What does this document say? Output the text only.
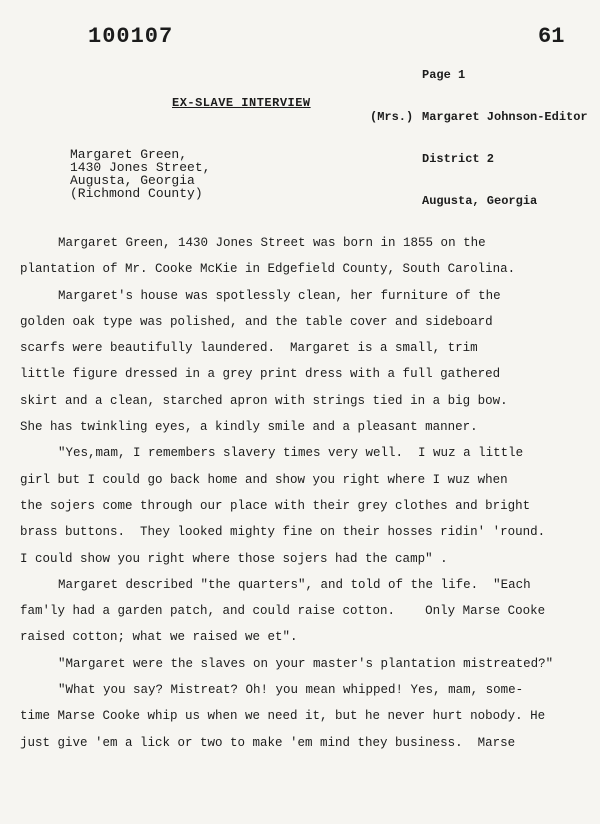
100107	61

Page 1

(Mrs.) Margaret Johnson-Editor

District 2

Augusta, Georgia

EX-SLAVE INTERVIEW
Margaret Green,
1430 Jones Street,
Augusta, Georgia
(Richmond County)
Margaret Green, 1430 Jones Street was born in 1855 on the
plantation of Mr. Cooke McKie in Edgefield County, South Carolina.
Margaret's house was spotlessly clean, her furniture of the
golden oak type was polished, and the table cover and sideboard
scarfs were beautifully laundered.  Margaret is a small, trim
little figure dressed in a grey print dress with a full gathered
skirt and a clean, starched apron with strings tied in a big bow.
She has twinkling eyes, a kindly smile and a pleasant manner.
"Yes,mam, I remembers slavery times very well.  I wuz a little
girl but I could go back home and show you right where I wuz when
the sojers come through our place with their grey clothes and bright
brass buttons.  They looked mighty fine on their hosses ridin' 'round.
I could show you right where those sojers had the camp" .
Margaret described "the quarters", and told of the life.  "Each
fam'ly had a garden patch, and could raise cotton.    Only Marse Cooke
raised cotton; what we raised we et".
"Margaret were the slaves on your master's plantation mistreated?"
"What you say? Mistreat? Oh! you mean whipped! Yes, mam, some-
time Marse Cooke whip us when we need it, but he never hurt nobody. He
just give 'em a lick or two to make 'em mind they business.  Marse
